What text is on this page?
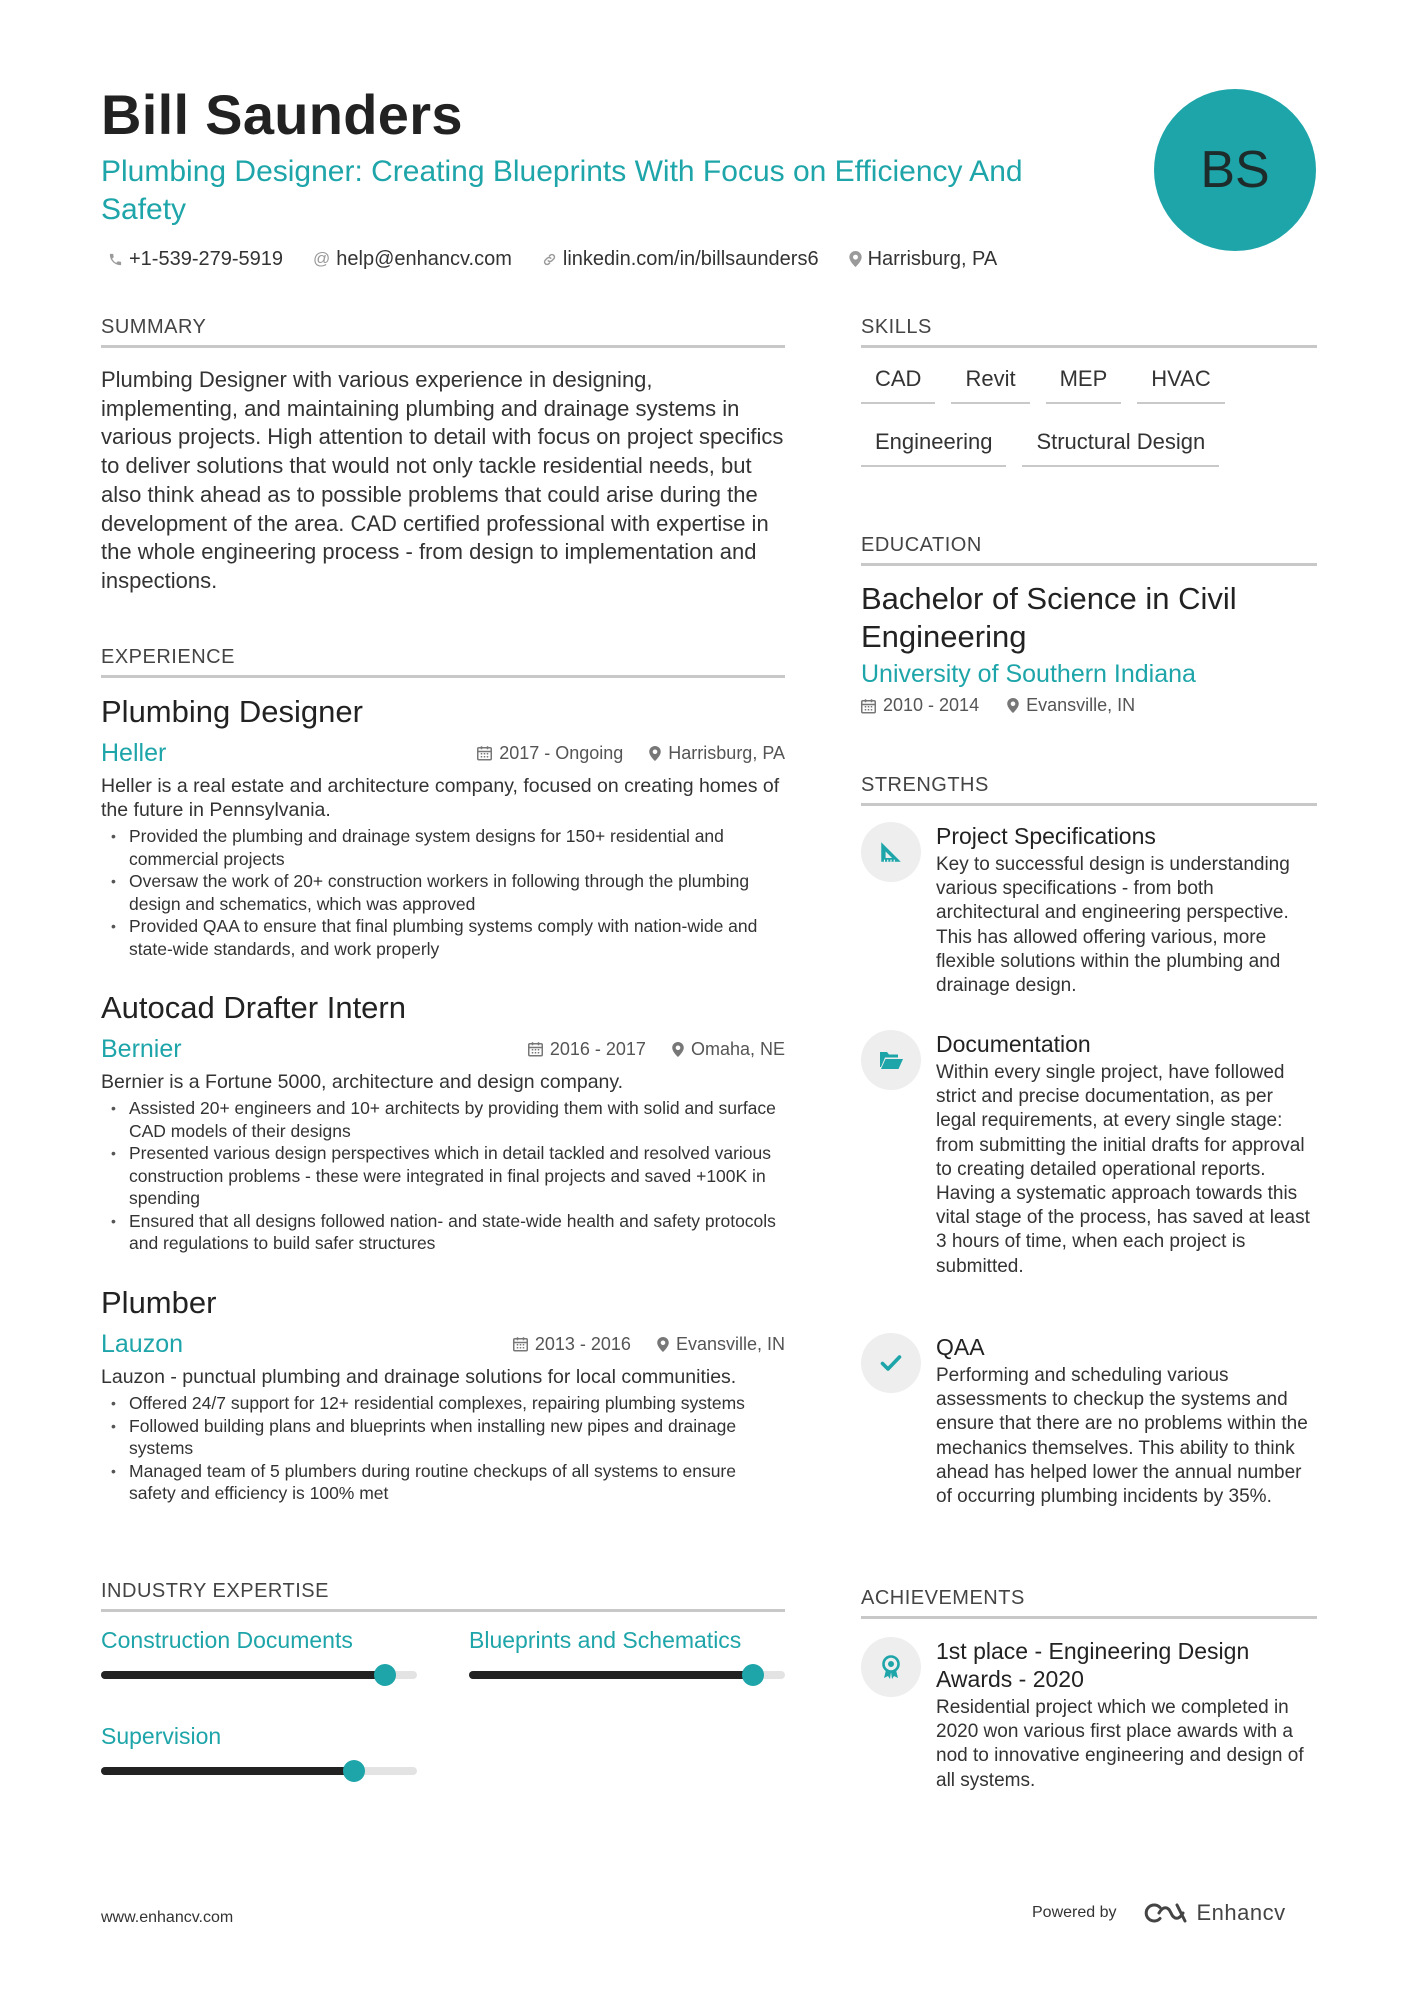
Bill Saunders
Plumbing Designer: Creating Blueprints With Focus on Efficiency And Safety
BS
+1-539-279-5919 @ help@enhancv.com	linkedin.com/in/billsaunders6 Harrisburg, PA
SUMMARY
Plumbing Designer with various experience in designing, implementing, and maintaining plumbing and drainage systems in various projects. High attention to detail with focus on project specifics to deliver solutions that would not only tackle residential needs, but also think ahead as to possible problems that could arise during the development of the area. CAD certified professional with expertise in the whole engineering process - from design to implementation and inspections.
EXPERIENCE
Plumbing Designer
Heller	2017 - Ongoing	Harrisburg, PA
Heller is a real estate and architecture company, focused on creating homes of the future in Pennsylvania.
• Provided the plumbing and drainage system designs for 150+ residential and commercial projects
• Oversaw the work of 20+ construction workers in following through the plumbing design and schematics, which was approved
• Provided QAA to ensure that final plumbing systems comply with nation-wide and state-wide standards, and work properly
Autocad Drafter Intern
Bernier	2016 - 2017	Omaha, NE
Bernier is a Fortune 5000, architecture and design company.
• Assisted 20+ engineers and 10+ architects by providing them with solid and surface CAD models of their designs
• Presented various design perspectives which in detail tackled and resolved various construction problems - these were integrated in final projects and saved +100K in spending
• Ensured that all designs followed nation- and state-wide health and safety protocols and regulations to build safer structures
Plumber
Lauzon	2013 - 2016	Evansville, IN
Lauzon - punctual plumbing and drainage solutions for local communities.
• Offered 24/7 support for 12+ residential complexes, repairing plumbing systems
• Followed building plans and blueprints when installing new pipes and drainage systems
• Managed team of 5 plumbers during routine checkups of all systems to ensure safety and efficiency is 100% met
INDUSTRY EXPERTISE
Construction Documents	Blueprints and Schematics
Supervision
SKILLS
CAD	Revit	MEP	HVAC
Engineering	Structural Design
EDUCATION
Bachelor of Science in Civil Engineering
University of Southern Indiana
2010 - 2014	Evansville, IN
STRENGTHS
Project Specifications
Key to successful design is understanding various specifications - from both architectural and engineering perspective. This has allowed offering various, more flexible solutions within the plumbing and drainage design.
Documentation
Within every single project, have followed strict and precise documentation, as per legal requirements, at every single stage: from submitting the initial drafts for approval to creating detailed operational reports. Having a systematic approach towards this vital stage of the process, has saved at least 3 hours of time, when each project is submitted.
QAA
Performing and scheduling various assessments to checkup the systems and ensure that there are no problems within the mechanics themselves. This ability to think ahead has helped lower the annual number of occurring plumbing incidents by 35%.
ACHIEVEMENTS
1st place - Engineering Design Awards - 2020
Residential project which we completed in 2020 won various first place awards with a nod to innovative engineering and design of all systems.
www.enhancv.com	Powered by	Enhancv
